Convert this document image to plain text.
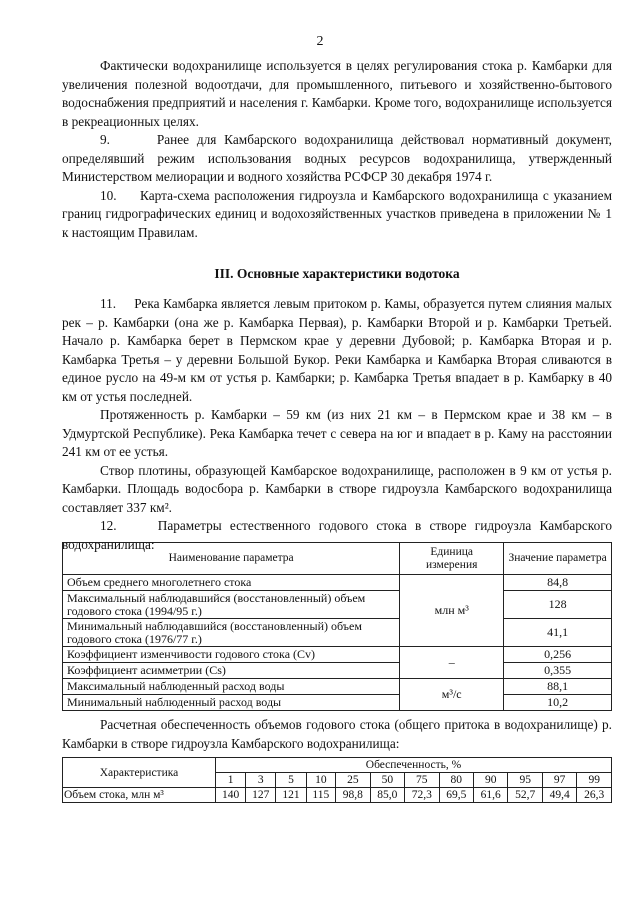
2

Фактически водохранилище используется в целях регулирования стока р. Камбарки для увеличения полезной водоотдачи, для промышленного, питьевого и хозяйственно-бытового водоснабжения предприятий и населения г. Камбарки. Кроме того, водохранилище используется в рекреационных целях.

9.      Ранее для Камбарского водохранилища действовал нормативный документ, определявший режим использования водных ресурсов водохранилища, утвержденный Министерством мелиорации и водного хозяйства РСФСР 30 декабря 1974 г.

10.     Карта-схема расположения гидроузла и Камбарского водохранилища с указанием границ гидрографических единиц и водохозяйственных участков приведена в приложении № 1 к настоящим Правилам.

III. Основные характеристики водотока

11.     Река Камбарка является левым притоком р. Камы, образуется путем слияния малых рек – р. Камбарки (она же р. Камбарка Первая), р. Камбарки Второй и р. Камбарки Третьей. Начало р. Камбарка берет в Пермском крае у деревни Дубовой; р. Камбарка Вторая и р. Камбарка Третья – у деревни Большой Букор. Реки Камбарка и Камбарка Вторая сливаются в единое русло на 49-м км от устья р. Камбарки; р. Камбарка Третья впадает в р. Камбарку в 40 км от устья последней.

Протяженность р. Камбарки – 59 км (из них 21 км – в Пермском крае и 38 км – в Удмуртской Республике). Река Камбарка течет с севера на юг и впадает в р. Каму на расстоянии 241 км от ее устья.

Створ плотины, образующей Камбарское водохранилище, расположен в 9 км от устья р. Камбарки. Площадь водосбора р. Камбарки в створе гидроузла Камбарского водохранилища составляет 337 км².

12.     Параметры естественного годового стока в створе гидроузла Камбарского водохранилища:

Наименование параметра	Единица измерения	Значение параметра
Объем среднего многолетнего стока	млн м³	84,8
Максимальный наблюдавшийся (восстановленный) объем годового стока (1994/95 г.)		128
Минимальный наблюдавшийся (восстановленный) объем годового стока (1976/77 г.)		41,1
Коэффициент изменчивости годового стока (Cv)	–	0,256
Коэффициент асимметрии (Cs)		0,355
Максимальный наблюденный расход воды	м³/с	88,1
Минимальный наблюденный расход воды		10,2

Расчетная обеспеченность объемов годового стока (общего притока в водохранилище) р. Камбарки в створе гидроузла Камбарского водохранилища:

Характеристика	Обеспеченность, %											
	1	3	5	10	25	50	75	80	90	95	97	99
Объем стока, млн м³	140	127	121	115	98,8	85,0	72,3	69,5	61,6	52,7	49,4	26,3
